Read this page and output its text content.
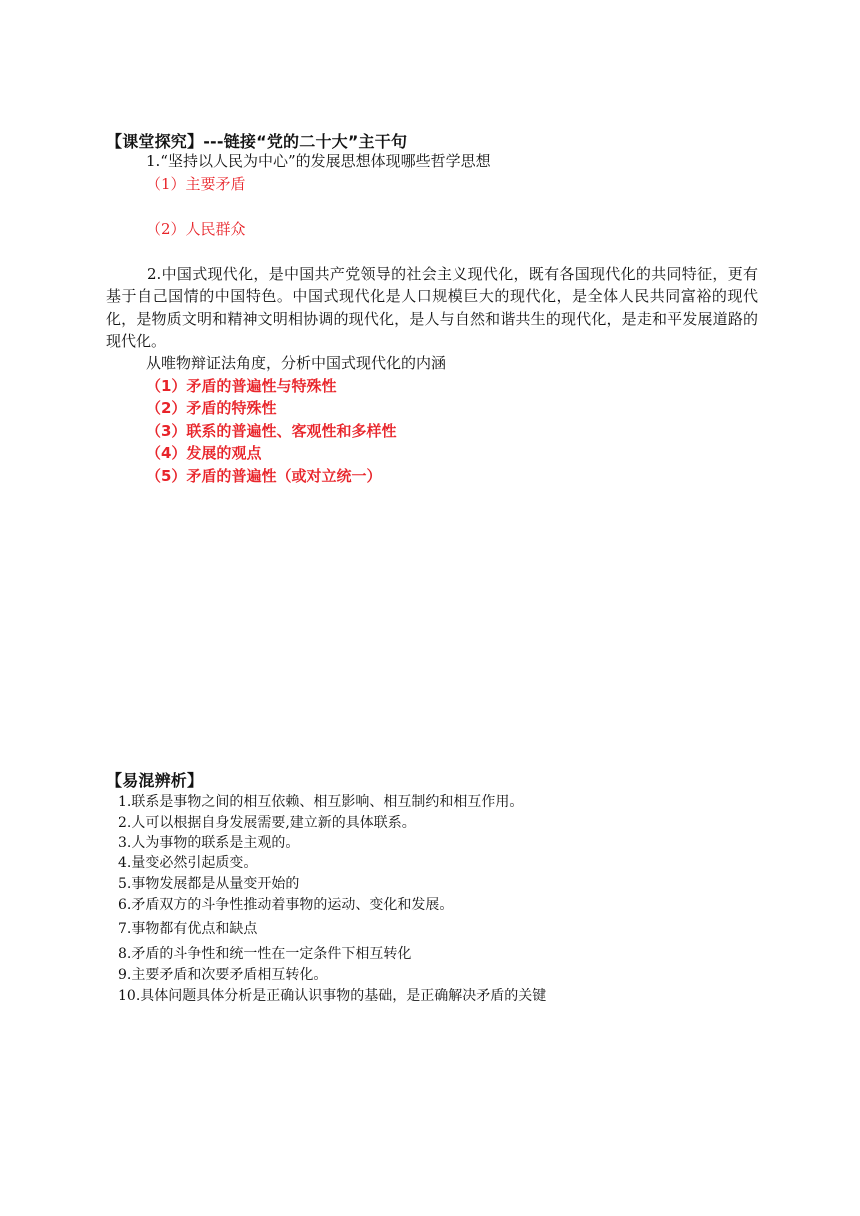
【课堂探究】---链接“党的二十大”主干句
1.“坚持以人民为中心”的发展思想体现哪些哲学思想
（1）主要矛盾
（2）人民群众
2.中国式现代化，是中国共产党领导的社会主义现代化，既有各国现代化的共同特征，更有基于自己国情的中国特色。中国式现代化是人口规模巨大的现代化，是全体人民共同富裕的现代化，是物质文明和精神文明相协调的现代化，是人与自然和谐共生的现代化，是走和平发展道路的现代化。
从唯物辩证法角度，分析中国式现代化的内涵
（1）矛盾的普遍性与特殊性
（2）矛盾的特殊性
（3）联系的普遍性、客观性和多样性
（4）发展的观点
（5）矛盾的普遍性（或对立统一）
【易混辨析】
1.联系是事物之间的相互依赖、相互影响、相互制约和相互作用。
2.人可以根据自身发展需要,建立新的具体联系。
3.人为事物的联系是主观的。
4.量变必然引起质变。
5.事物发展都是从量变开始的
6.矛盾双方的斗争性推动着事物的运动、变化和发展。
7.事物都有优点和缺点
8.矛盾的斗争性和统一性在一定条件下相互转化
9.主要矛盾和次要矛盾相互转化。
10.具体问题具体分析是正确认识事物的基础，是正确解决矛盾的关键
